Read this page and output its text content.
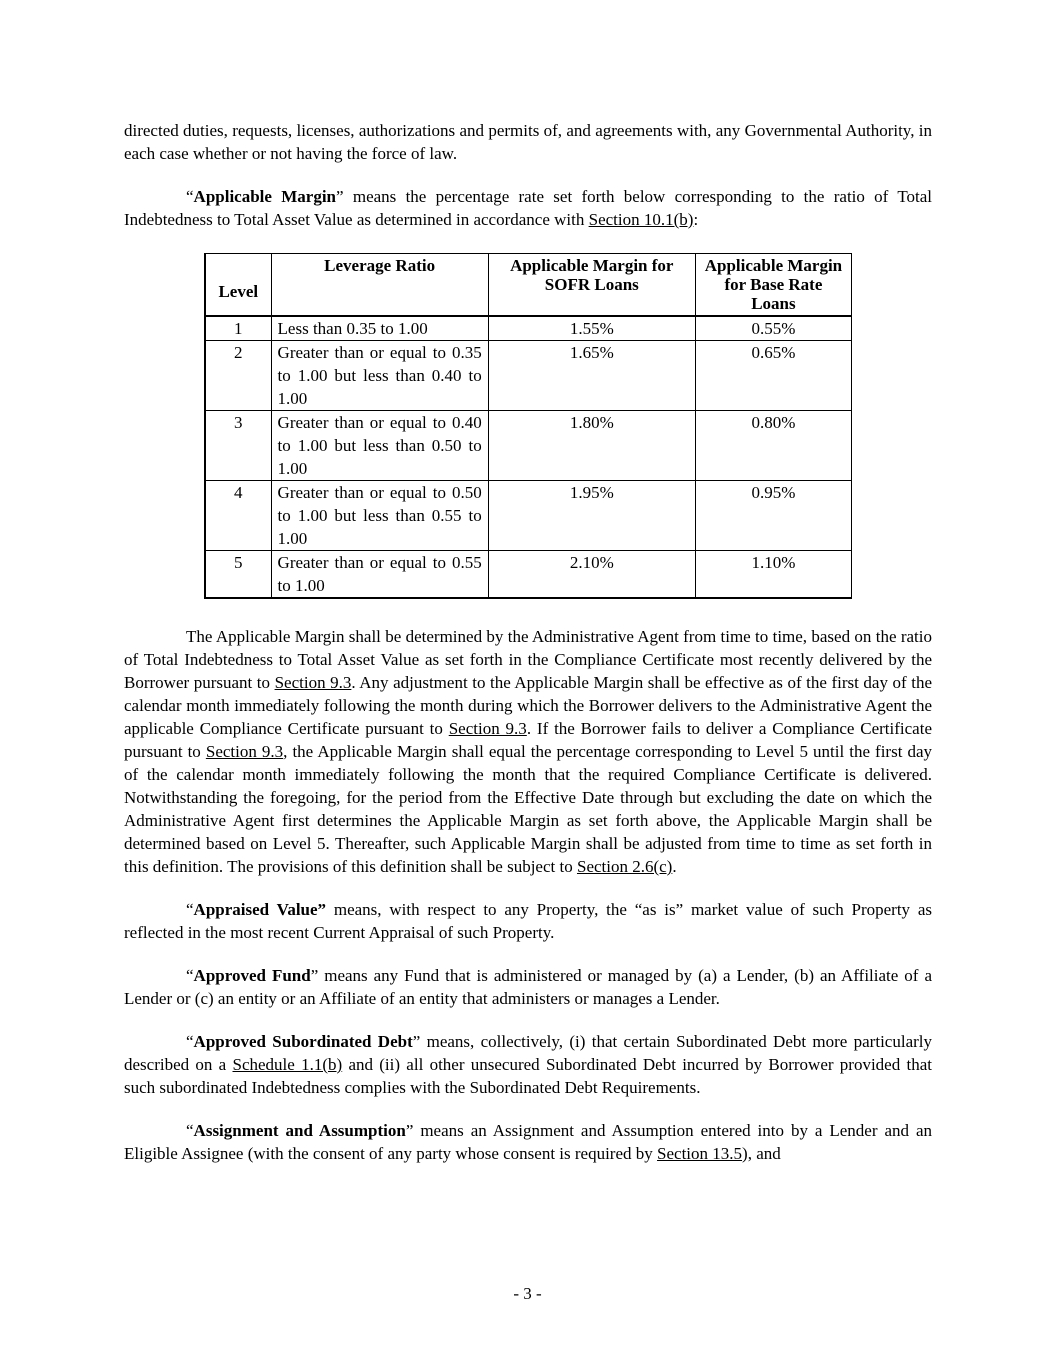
directed duties, requests, licenses, authorizations and permits of, and agreements with, any Governmental Authority, in each case whether or not having the force of law.

“Applicable Margin” means the percentage rate set forth below corresponding to the ratio of Total Indebtedness to Total Asset Value as determined in accordance with Section 10.1(b):

Level	Leverage Ratio	Applicable Margin for SOFR Loans	Applicable Margin for Base Rate Loans
1	Less than 0.35 to 1.00	1.55%	0.55%
2	Greater than or equal to 0.35 to 1.00 but less than 0.40 to 1.00	1.65%	0.65%
3	Greater than or equal to 0.40 to 1.00 but less than 0.50 to 1.00	1.80%	0.80%
4	Greater than or equal to 0.50 to 1.00 but less than 0.55 to 1.00	1.95%	0.95%
5	Greater than or equal to 0.55 to 1.00	2.10%	1.10%

The Applicable Margin shall be determined by the Administrative Agent from time to time, based on the ratio of Total Indebtedness to Total Asset Value as set forth in the Compliance Certificate most recently delivered by the Borrower pursuant to Section 9.3. Any adjustment to the Applicable Margin shall be effective as of the first day of the calendar month immediately following the month during which the Borrower delivers to the Administrative Agent the applicable Compliance Certificate pursuant to Section 9.3. If the Borrower fails to deliver a Compliance Certificate pursuant to Section 9.3, the Applicable Margin shall equal the percentage corresponding to Level 5 until the first day of the calendar month immediately following the month that the required Compliance Certificate is delivered. Notwithstanding the foregoing, for the period from the Effective Date through but excluding the date on which the Administrative Agent first determines the Applicable Margin as set forth above, the Applicable Margin shall be determined based on Level 5. Thereafter, such Applicable Margin shall be adjusted from time to time as set forth in this definition. The provisions of this definition shall be subject to Section 2.6(c).

“Appraised Value” means, with respect to any Property, the “as is” market value of such Property as reflected in the most recent Current Appraisal of such Property.

“Approved Fund” means any Fund that is administered or managed by (a) a Lender, (b) an Affiliate of a Lender or (c) an entity or an Affiliate of an entity that administers or manages a Lender.

“Approved Subordinated Debt” means, collectively, (i) that certain Subordinated Debt more particularly described on a Schedule 1.1(b) and (ii) all other unsecured Subordinated Debt incurred by Borrower provided that such subordinated Indebtedness complies with the Subordinated Debt Requirements.

“Assignment and Assumption” means an Assignment and Assumption entered into by a Lender and an Eligible Assignee (with the consent of any party whose consent is required by Section 13.5), and

- 3 -
